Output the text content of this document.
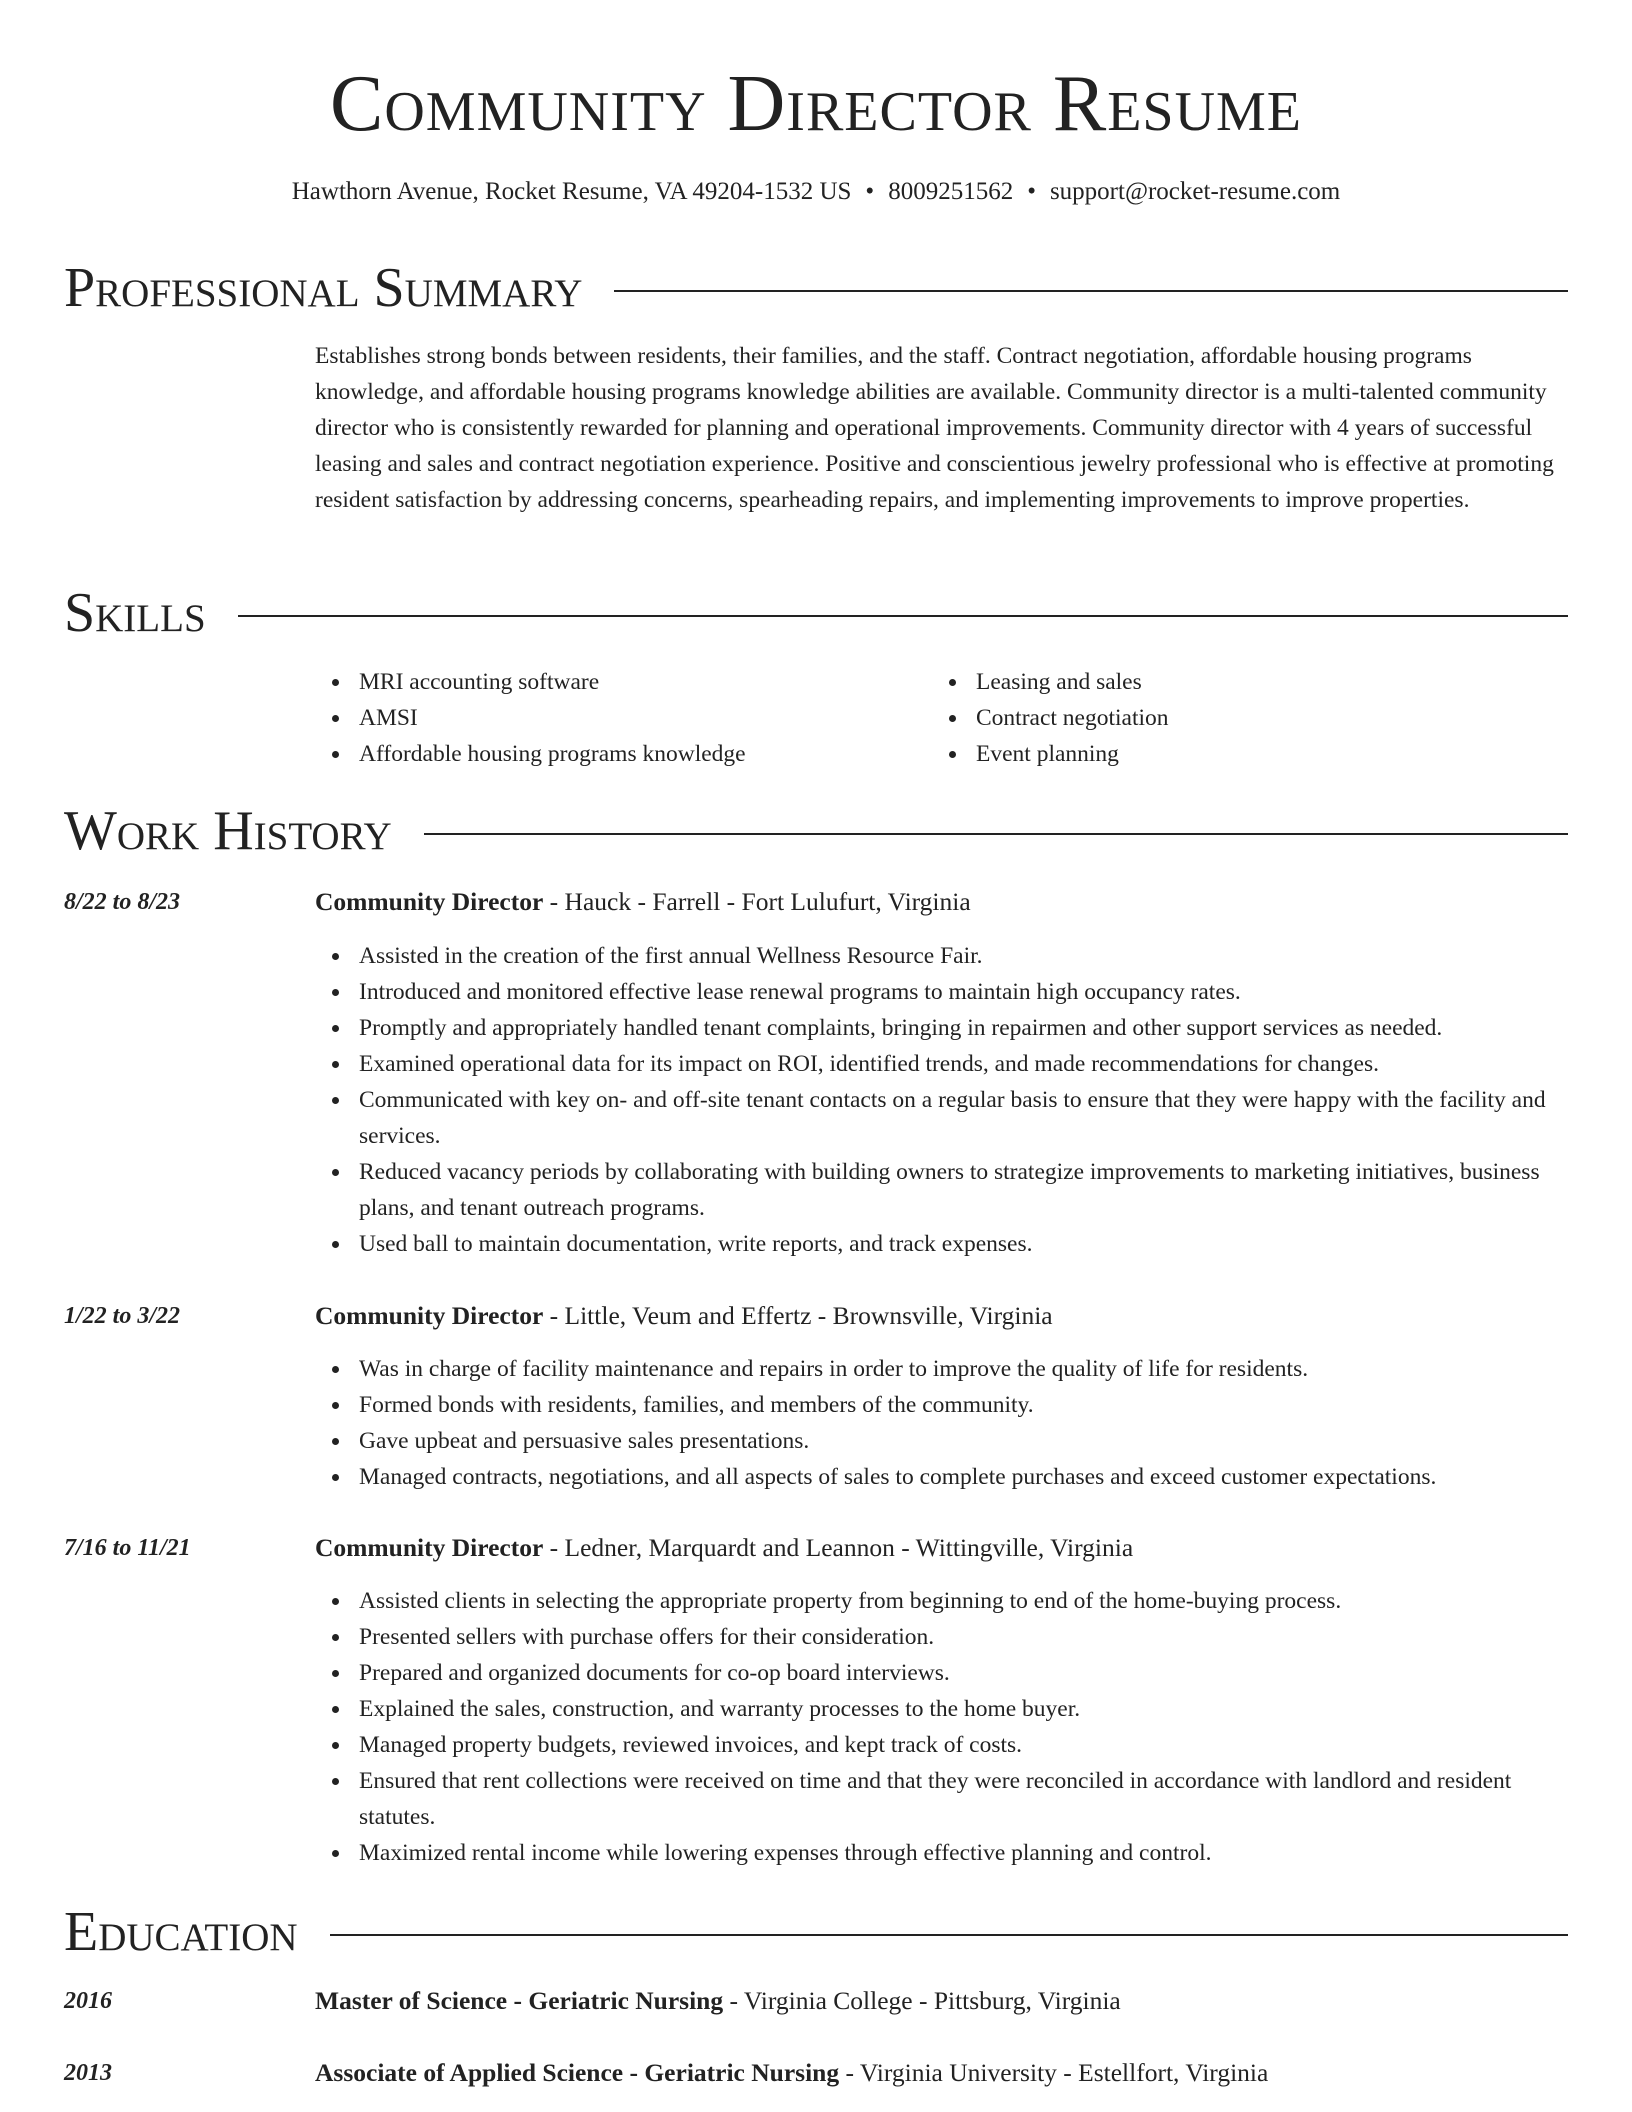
Community Director Resume
Hawthorn Avenue, Rocket Resume, VA 49204-1532 US • 8009251562 • support@rocket-resume.com
Professional Summary

Establishes strong bonds between residents, their families, and the staff. Contract negotiation, affordable housing programs knowledge, and affordable housing programs knowledge abilities are available. Community director is a multi-talented community director who is consistently rewarded for planning and operational improvements. Community director with 4 years of successful leasing and sales and contract negotiation experience. Positive and conscientious jewelry professional who is effective at promoting resident satisfaction by addressing concerns, spearheading repairs, and implementing improvements to improve properties.

Skills
MRI accounting software
AMSI
Affordable housing programs knowledge
Leasing and sales
Contract negotiation
Event planning
Work History
8/22 to 8/23	Community Director - Hauck - Farrell - Fort Lulufurt, Virginia
Assisted in the creation of the first annual Wellness Resource Fair.
Introduced and monitored effective lease renewal programs to maintain high occupancy rates.
Promptly and appropriately handled tenant complaints, bringing in repairmen and other support services as needed.
Examined operational data for its impact on ROI, identified trends, and made recommendations for changes.
Communicated with key on- and off-site tenant contacts on a regular basis to ensure that they were happy with the facility and services.
Reduced vacancy periods by collaborating with building owners to strategize improvements to marketing initiatives, business plans, and tenant outreach programs.
Used ball to maintain documentation, write reports, and track expenses.
1/22 to 3/22	Community Director - Little, Veum and Effertz - Brownsville, Virginia
Was in charge of facility maintenance and repairs in order to improve the quality of life for residents.
Formed bonds with residents, families, and members of the community.
Gave upbeat and persuasive sales presentations.
Managed contracts, negotiations, and all aspects of sales to complete purchases and exceed customer expectations.
7/16 to 11/21	Community Director - Ledner, Marquardt and Leannon - Wittingville, Virginia
Assisted clients in selecting the appropriate property from beginning to end of the home-buying process.
Presented sellers with purchase offers for their consideration.
Prepared and organized documents for co-op board interviews.
Explained the sales, construction, and warranty processes to the home buyer.
Managed property budgets, reviewed invoices, and kept track of costs.
Ensured that rent collections were received on time and that they were reconciled in accordance with landlord and resident statutes.
Maximized rental income while lowering expenses through effective planning and control.
Education
2016	Master of Science - Geriatric Nursing - Virginia College - Pittsburg, Virginia
2013	Associate of Applied Science - Geriatric Nursing - Virginia University - Estellfort, Virginia
